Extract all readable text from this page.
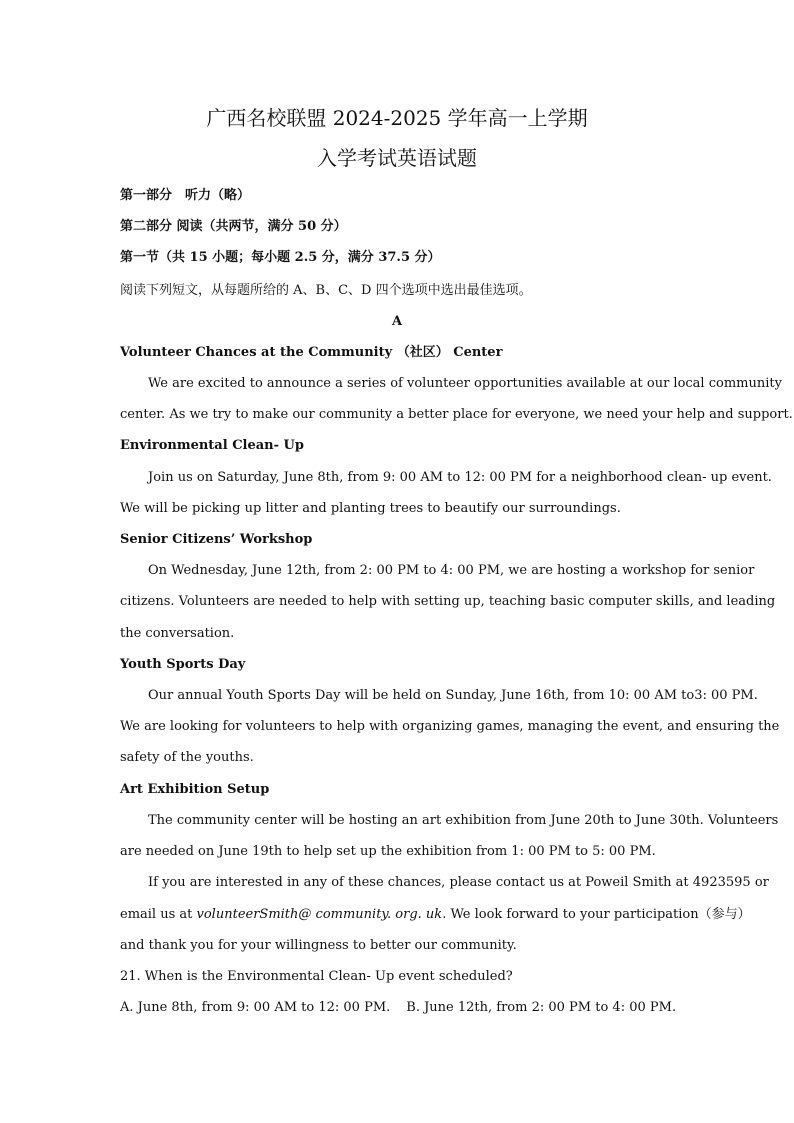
广西名校联盟 2024-2025 学年高一上学期
入学考试英语试题
第一部分　听力（略）
第二部分 阅读（共两节，满分 50 分）
第一节（共 15 小题；每小题 2.5 分，满分 37.5 分）
阅读下列短文，从每题所给的 A、B、C、D 四个选项中选出最佳选项。
A
Volunteer Chances at the Community （社区） Center
We are excited to announce a series of volunteer opportunities available at our local community
center. As we try to make our community a better place for everyone, we need your help and support.
Environmental Clean- Up
Join us on Saturday, June 8th, from 9: 00 AM to 12: 00 PM for a neighborhood clean- up event.
We will be picking up litter and planting trees to beautify our surroundings.
Senior Citizens’ Workshop
On Wednesday, June 12th, from 2: 00 PM to 4: 00 PM, we are hosting a workshop for senior
citizens. Volunteers are needed to help with setting up, teaching basic computer skills, and leading
the conversation.
Youth Sports Day
Our annual Youth Sports Day will be held on Sunday, June 16th, from 10: 00 AM to3: 00 PM.
We are looking for volunteers to help with organizing games, managing the event, and ensuring the
safety of the youths.
Art Exhibition Setup
The community center will be hosting an art exhibition from June 20th to June 30th. Volunteers
are needed on June 19th to help set up the exhibition from 1: 00 PM to 5: 00 PM.
If you are interested in any of these chances, please contact us at Poweil Smith at 4923595 or
email us at volunteerSmith@ community. org. uk. We look forward to your participation（参与）
and thank you for your willingness to better our community.
21. When is the Environmental Clean- Up event scheduled?
A. June 8th, from 9: 00 AM to 12: 00 PM. B. June 12th, from 2: 00 PM to 4: 00 PM.
